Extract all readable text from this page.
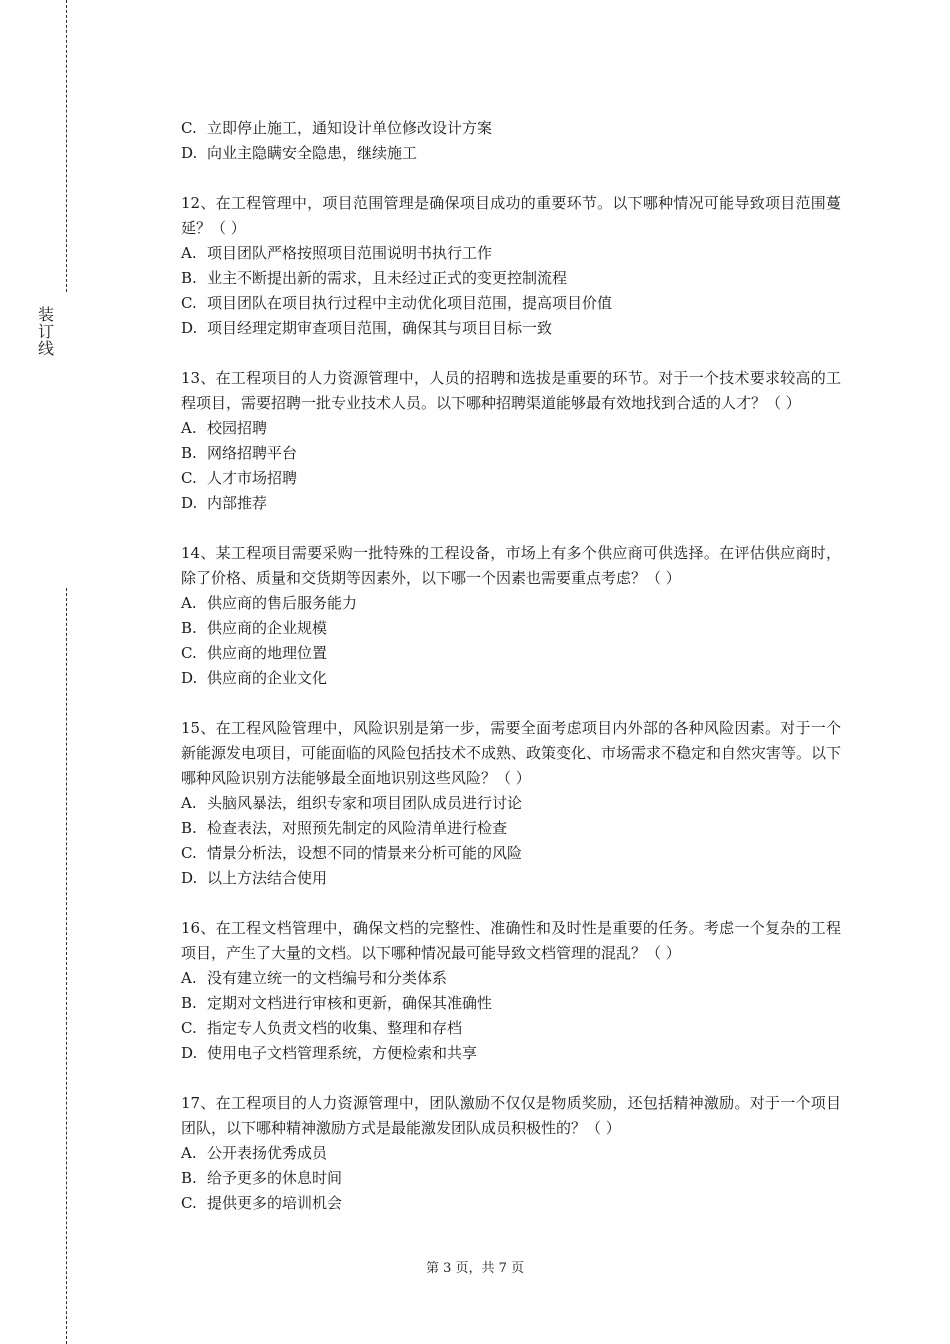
装
订
线
C. 立即停止施工，通知设计单位修改设计方案
D. 向业主隐瞒安全隐患，继续施工
12、在工程管理中，项目范围管理是确保项目成功的重要环节。以下哪种情况可能导致项目范围蔓延？（ ）
A. 项目团队严格按照项目范围说明书执行工作
B. 业主不断提出新的需求，且未经过正式的变更控制流程
C. 项目团队在项目执行过程中主动优化项目范围，提高项目价值
D. 项目经理定期审查项目范围，确保其与项目目标一致
13、在工程项目的人力资源管理中，人员的招聘和选拔是重要的环节。对于一个技术要求较高的工程项目，需要招聘一批专业技术人员。以下哪种招聘渠道能够最有效地找到合适的人才？（ ）
A. 校园招聘
B. 网络招聘平台
C. 人才市场招聘
D. 内部推荐
14、某工程项目需要采购一批特殊的工程设备，市场上有多个供应商可供选择。在评估供应商时，除了价格、质量和交货期等因素外，以下哪一个因素也需要重点考虑？（ ）
A. 供应商的售后服务能力
B. 供应商的企业规模
C. 供应商的地理位置
D. 供应商的企业文化
15、在工程风险管理中，风险识别是第一步，需要全面考虑项目内外部的各种风险因素。对于一个新能源发电项目，可能面临的风险包括技术不成熟、政策变化、市场需求不稳定和自然灾害等。以下哪种风险识别方法能够最全面地识别这些风险？（ ）
A. 头脑风暴法，组织专家和项目团队成员进行讨论
B. 检查表法，对照预先制定的风险清单进行检查
C. 情景分析法，设想不同的情景来分析可能的风险
D. 以上方法结合使用
16、在工程文档管理中，确保文档的完整性、准确性和及时性是重要的任务。考虑一个复杂的工程项目，产生了大量的文档。以下哪种情况最可能导致文档管理的混乱？（ ）
A. 没有建立统一的文档编号和分类体系
B. 定期对文档进行审核和更新，确保其准确性
C. 指定专人负责文档的收集、整理和存档
D. 使用电子文档管理系统，方便检索和共享
17、在工程项目的人力资源管理中，团队激励不仅仅是物质奖励，还包括精神激励。对于一个项目团队，以下哪种精神激励方式是最能激发团队成员积极性的？（ ）
A. 公开表扬优秀成员
B. 给予更多的休息时间
C. 提供更多的培训机会
第 3 页，共 7 页
